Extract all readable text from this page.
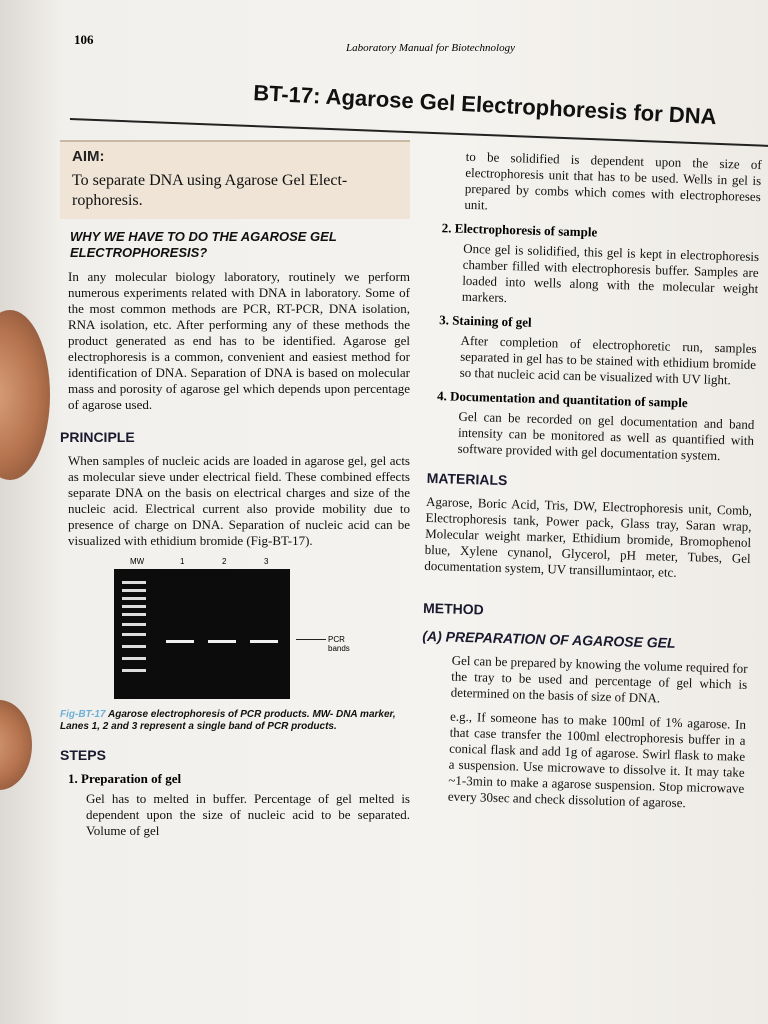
106
Laboratory Manual for Biotechnology
BT-17: Agarose Gel Electrophoresis for DNA
AIM:
To separate DNA using Agarose Gel Elect-rophoresis.
WHY WE HAVE TO DO THE AGAROSE GEL ELECTROPHORESIS?
In any molecular biology laboratory, routinely we perform numerous experiments related with DNA in laboratory. Some of the most common methods are PCR, RT-PCR, DNA isolation, RNA isolation, etc. After performing any of these methods the product generated as end has to be identified. Agarose gel electrophoresis is a common, convenient and easiest method for identification of DNA. Separation of DNA is based on molecular mass and porosity of agarose gel which depends upon percentage of agarose used.
PRINCIPLE
When samples of nucleic acids are loaded in agarose gel, gel acts as molecular sieve under electrical field. These combined effects separate DNA on the basis on electrical charges and size of the nucleic acid. Electrical current also provide mobility due to presence of charge on DNA. Separation of nucleic acid can be visualized with ethidium bromide (Fig-BT-17).
MW	1	2	3
PCR bands
Fig-BT-17 Agarose electrophoresis of PCR products. MW- DNA marker, Lanes 1, 2 and 3 represent a single band of PCR products.
STEPS
1. Preparation of gel
Gel has to melted in buffer. Percentage of gel melted is dependent upon the size of nucleic acid to be separated. Volume of gel
to be solidified is dependent upon the size of electrophoresis unit that has to be used. Wells in gel is prepared by combs which comes with electrophoreses unit.
2. Electrophoresis of sample
Once gel is solidified, this gel is kept in electrophoresis chamber filled with electrophoresis buffer. Samples are loaded into wells along with the molecular weight markers.
3. Staining of gel
After completion of electrophoretic run, samples separated in gel has to be stained with ethidium bromide so that nucleic acid can be visualized with UV light.
4. Documentation and quantitation of sample
Gel can be recorded on gel documentation and band intensity can be monitored as well as quantified with software provided with gel documentation system.
MATERIALS
Agarose, Boric Acid, Tris, DW, Electrophoresis unit, Comb, Electrophoresis tank, Power pack, Glass tray, Saran wrap, Molecular weight marker, Ethidium bromide, Bromophenol blue, Xylene cynanol, Glycerol, pH meter, Tubes, Gel documentation system, UV transillumintaor, etc.
METHOD
(A) PREPARATION OF AGAROSE GEL
Gel can be prepared by knowing the volume required for the tray to be used and percentage of gel which is determined on the basis of size of DNA.
e.g., If someone has to make 100ml of 1% agarose. In that case transfer the 100ml electrophoresis buffer in a conical flask and add 1g of agarose. Swirl flask to make a suspension. Use microwave to dissolve it. It may take ~1-3min to make a agarose suspension. Stop microwave every 30sec and check dissolution of agarose.
